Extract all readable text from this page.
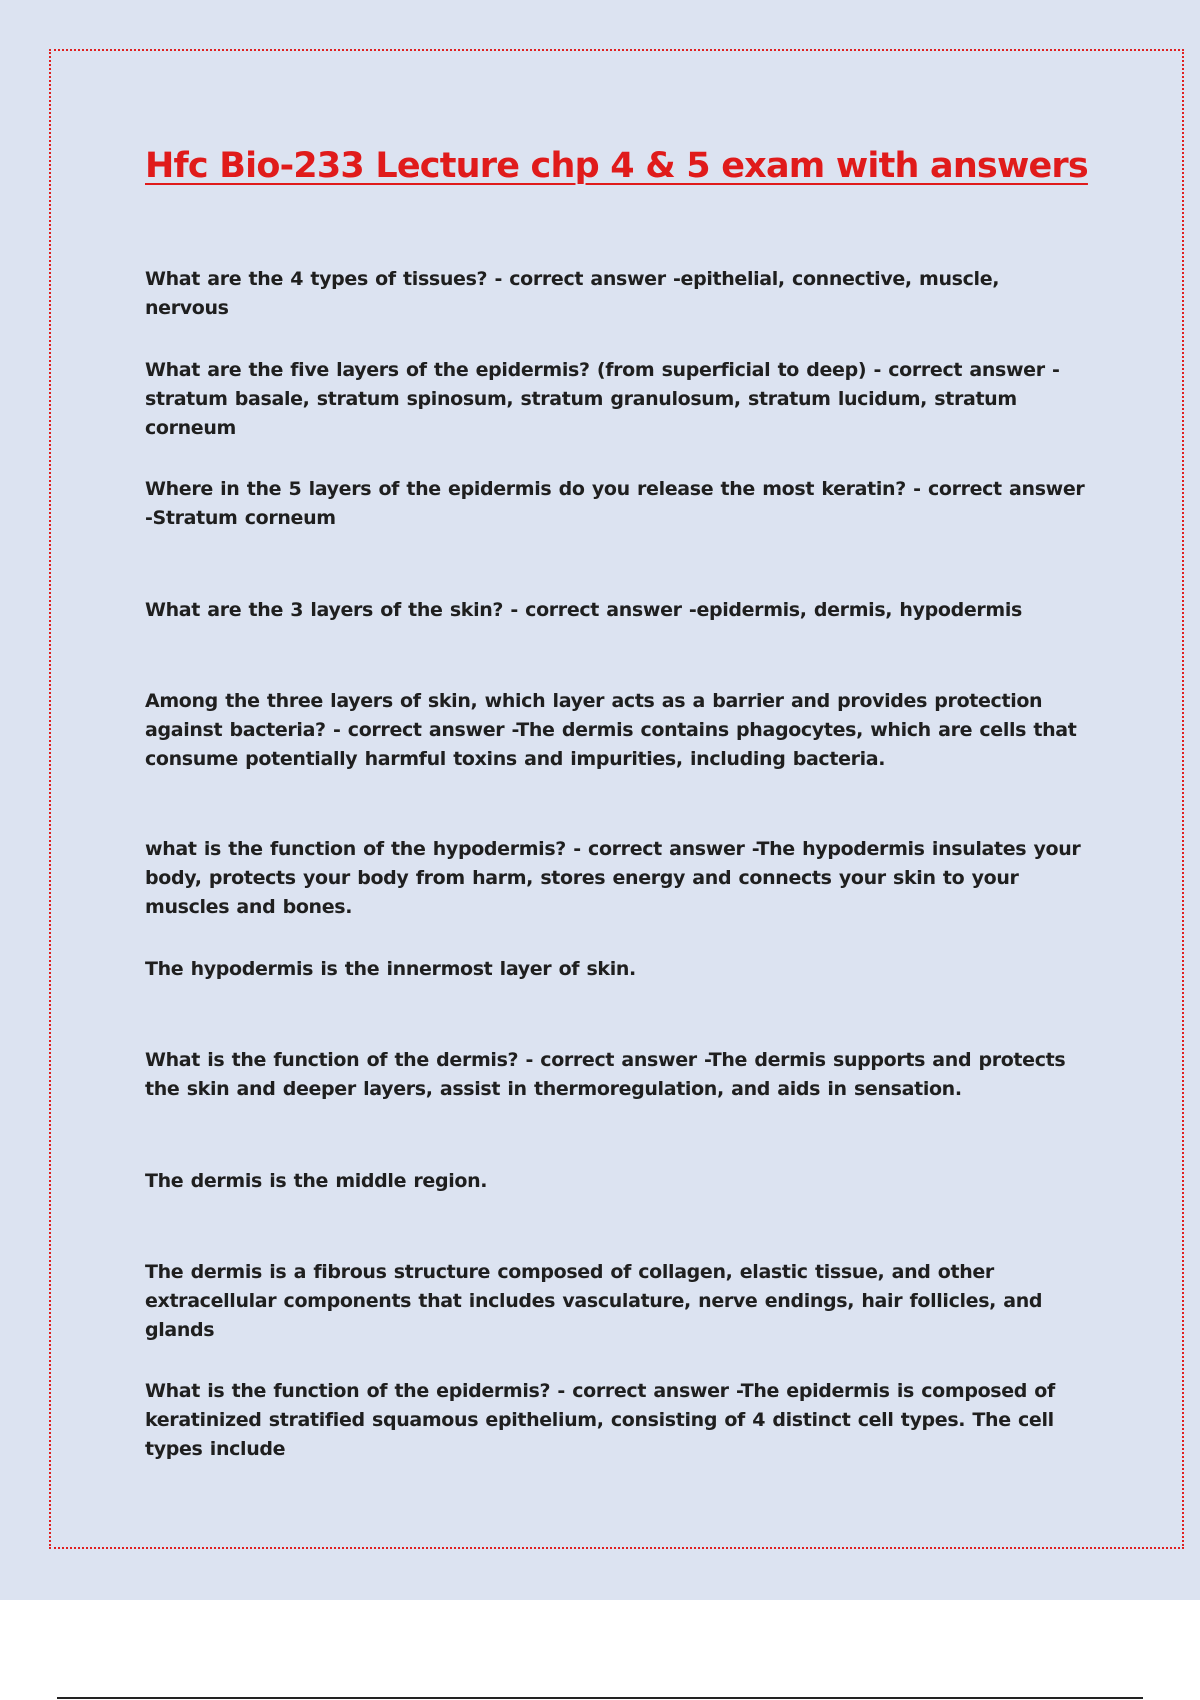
Hfc Bio-233 Lecture chp 4 & 5 exam with answers

What are the 4 types of tissues? - correct answer -epithelial, connective, muscle, nervous

What are the five layers of the epidermis? (from superficial to deep) - correct answer -stratum basale, stratum spinosum, stratum granulosum, stratum lucidum, stratum corneum

Where in the 5 layers of the epidermis do you release the most keratin? - correct answer -Stratum corneum

What are the 3 layers of the skin? - correct answer -epidermis, dermis, hypodermis

Among the three layers of skin, which layer acts as a barrier and provides protection against bacteria? - correct answer -The dermis contains phagocytes, which are cells that consume potentially harmful toxins and impurities, including bacteria.

what is the function of the hypodermis? - correct answer -The hypodermis insulates your body, protects your body from harm, stores energy and connects your skin to your muscles and bones.

The hypodermis is the innermost layer of skin.

What is the function of the dermis? - correct answer -The dermis supports and protects the skin and deeper layers, assist in thermoregulation, and aids in sensation.

The dermis is the middle region.

The dermis is a fibrous structure composed of collagen, elastic tissue, and other extracellular components that includes vasculature, nerve endings, hair follicles, and glands

What is the function of the epidermis? - correct answer -The epidermis is composed of keratinized stratified squamous epithelium, consisting of 4 distinct cell types. The cell types include
